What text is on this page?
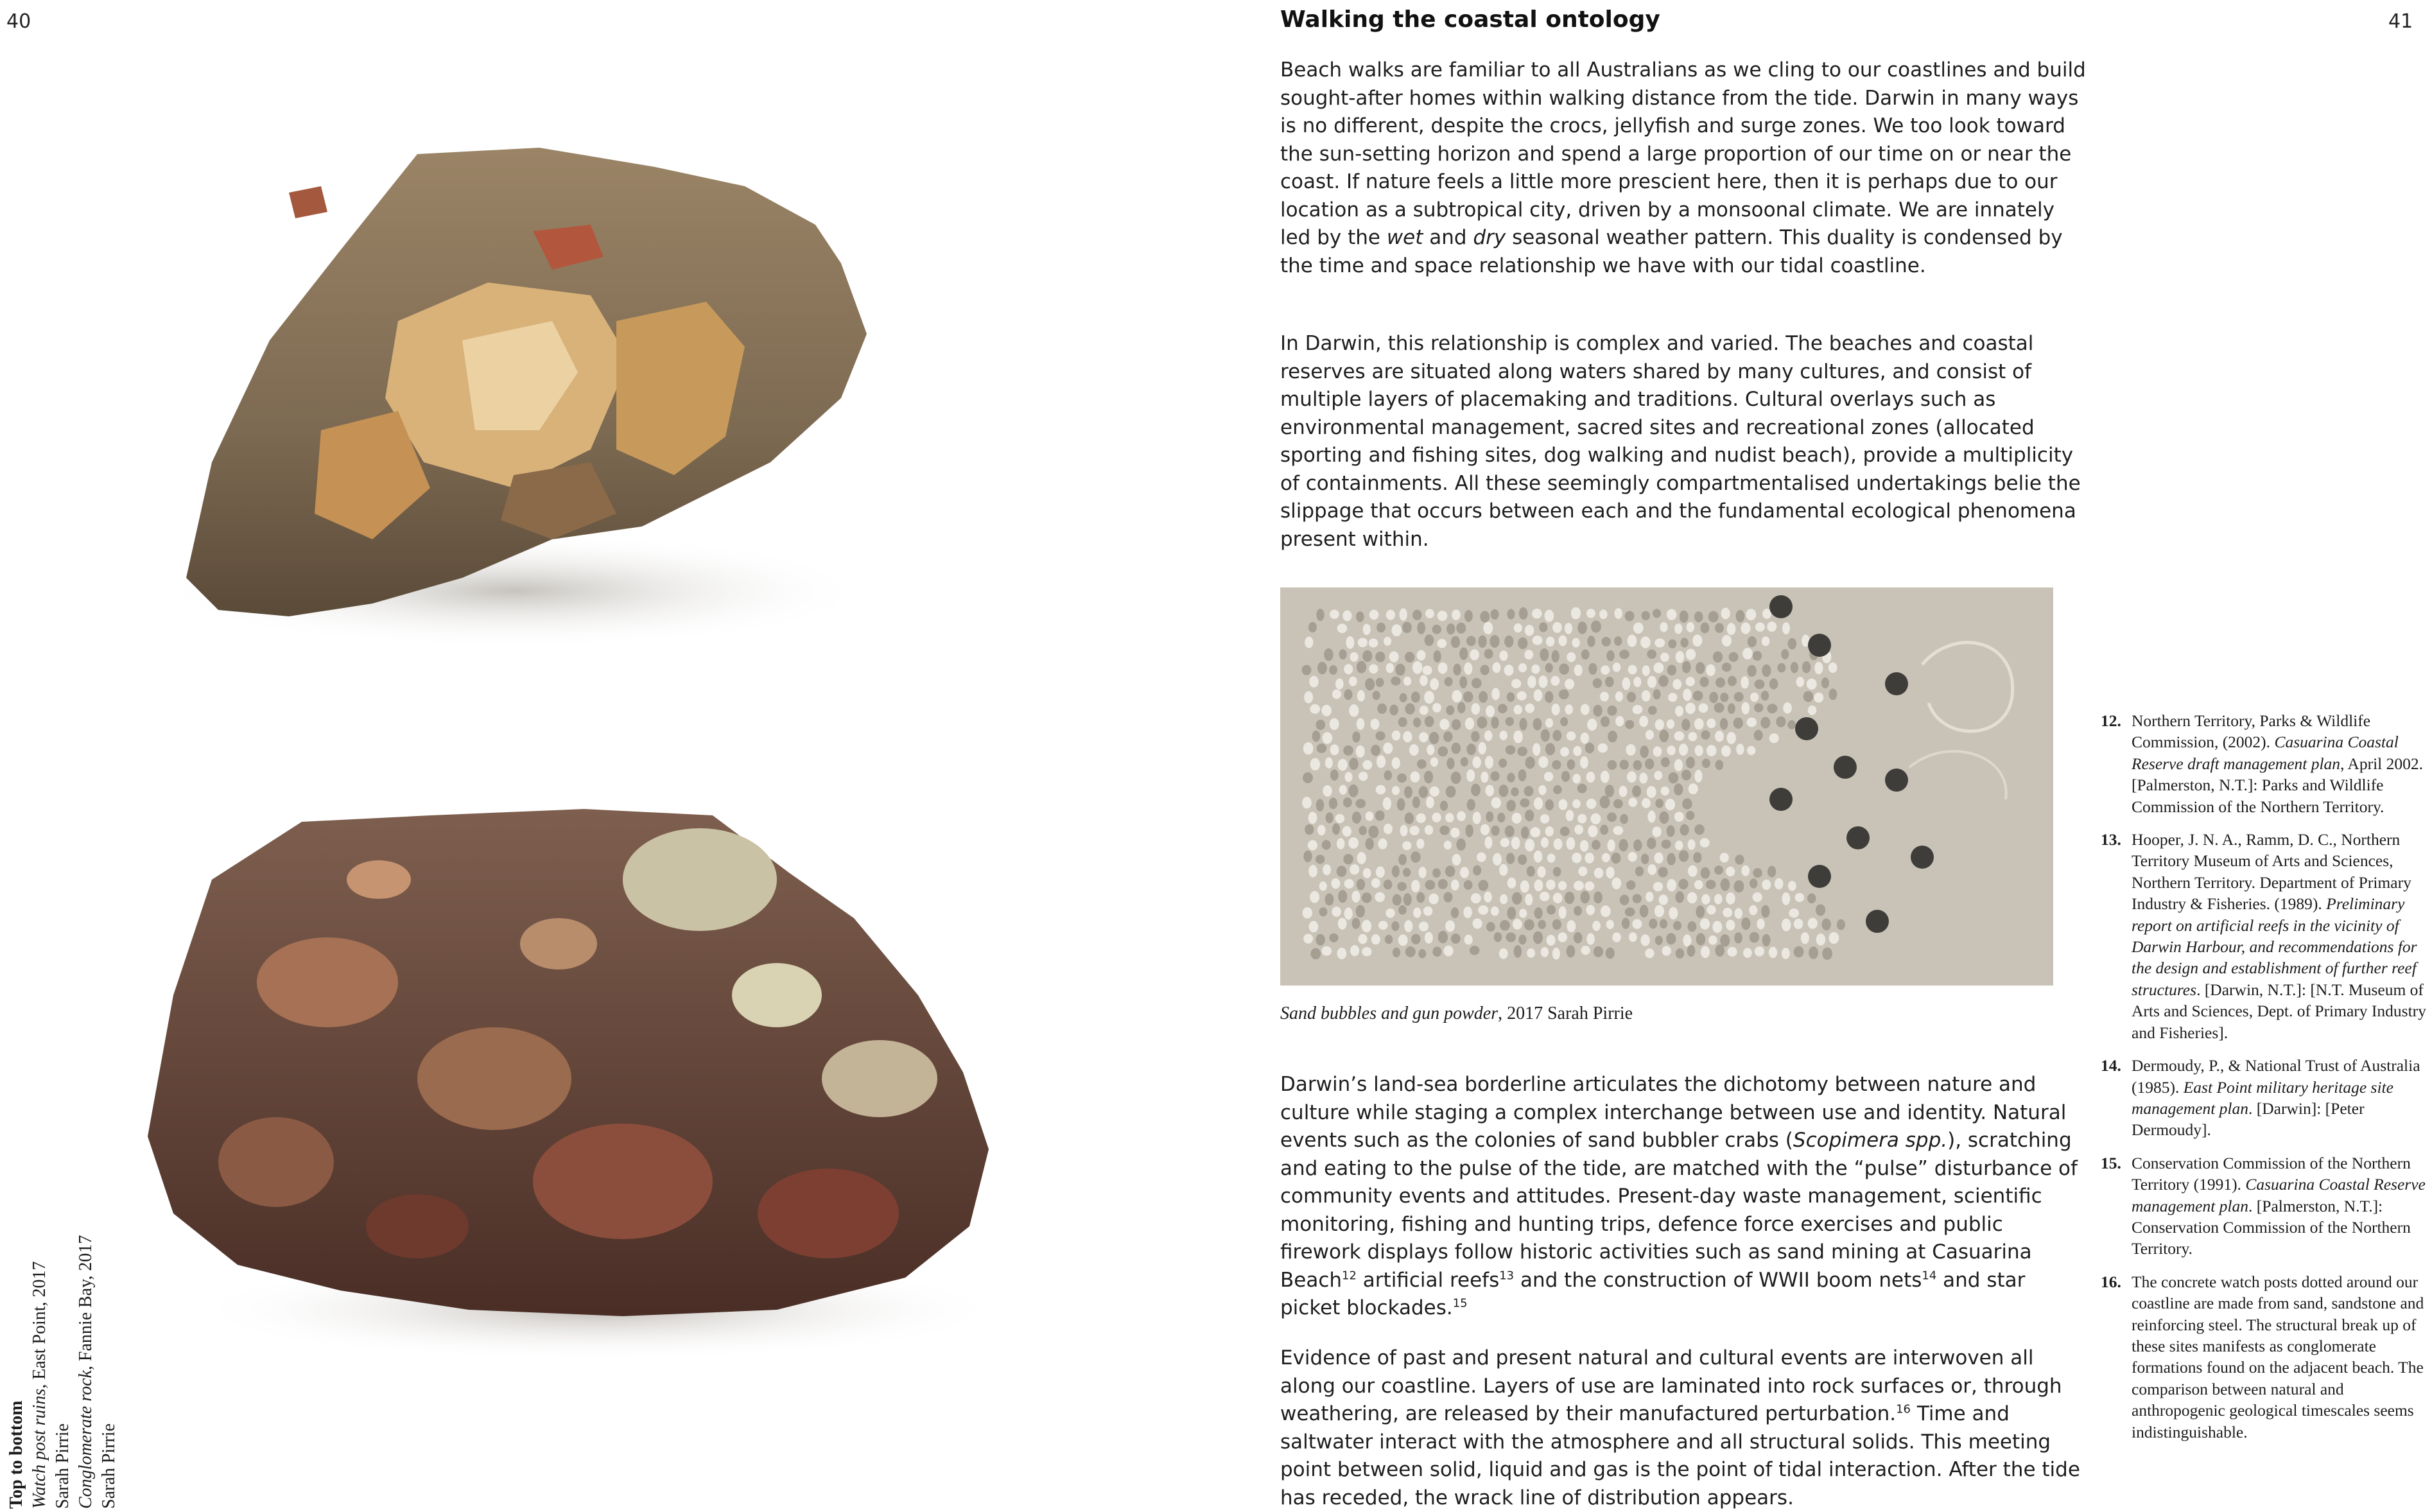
40	41
Top to bottom Watch post ruins, East Point, 2017
Sarah Pirrie Conglomerate rock, Fannie Bay, 2017
Sarah Pirrie
Walking the coastal ontology

Beach walks are familiar to all Australians as we cling to our coastlines and build sought-after homes within walking distance from the tide. Darwin in many ways is no different, despite the crocs, jellyfish and surge zones. We too look toward the sun-setting horizon and spend a large proportion of our time on or near the coast. If nature feels a little more prescient here, then it is perhaps due to our location as a subtropical city, driven by a monsoonal climate. We are innately led by the wet and dry seasonal weather pattern. This duality is condensed by the time and space relationship we have with our tidal coastline.

In Darwin, this relationship is complex and varied. The beaches and coastal reserves are situated along waters shared by many cultures, and consist of multiple layers of placemaking and traditions. Cultural overlays such as environmental management, sacred sites and recreational zones (allocated sporting and fishing sites, dog walking and nudist beach), provide a multiplicity of containments. All these seemingly compartmentalised undertakings belie the slippage that occurs between each and the fundamental ecological phenomena present within.

Sand bubbles and gun powder, 2017 Sarah Pirrie

Darwin’s land-sea borderline articulates the dichotomy between nature and culture while staging a complex interchange between use and identity. Natural events such as the colonies of sand bubbler crabs (Scopimera spp.), scratching and eating to the pulse of the tide, are matched with the “pulse” disturbance of community events and attitudes. Present-day waste management, scientific monitoring, fishing and hunting trips, defence force exercises and public firework displays follow historic activities such as sand mining at Casuarina Beach$^{12}$ artificial reefs$^{13}$ and the construction of WWII boom nets$^{14}$ and star picket blockades.$^{15}$

Evidence of past and present natural and cultural events are interwoven all along our coastline. Layers of use are laminated into rock surfaces or, through weathering, are released by their manufactured perturbation.$^{16}$ Time and saltwater interact with the atmosphere and all structural solids. This meeting point between solid, liquid and gas is the point of tidal interaction. After the tide has receded, the wrack line of distribution appears.

12. Northern Territory, Parks & Wildlife Commission, (2002). Casuarina Coastal Reserve draft management plan, April 2002. [Palmerston, N.T.]: Parks and Wildlife Commission of the Northern Territory.
13. Hooper, J. N. A., Ramm, D. C., Northern Territory Museum of Arts and Sciences, Northern Territory. Department of Primary Industry & Fisheries. (1989). Preliminary report on artificial reefs in the vicinity of Darwin Harbour, and recommendations for the design and establishment of further reef structures. [Darwin, N.T.]: [N.T. Museum of Arts and Sciences, Dept. of Primary Industry and Fisheries].
14. Dermoudy, P., & National Trust of Australia (1985). East Point military heritage site management plan. [Darwin]: [Peter Dermoudy].
15. Conservation Commission of the Northern Territory (1991). Casuarina Coastal Reserve management plan. [Palmerston, N.T.]: Conservation Commission of the Northern Territory.
16. The concrete watch posts dotted around our coastline are made from sand, sandstone and reinforcing steel. The structural break up of these sites manifests as conglomerate formations found on the adjacent beach. The comparison between natural and anthropogenic geological timescales seems indistinguishable.
